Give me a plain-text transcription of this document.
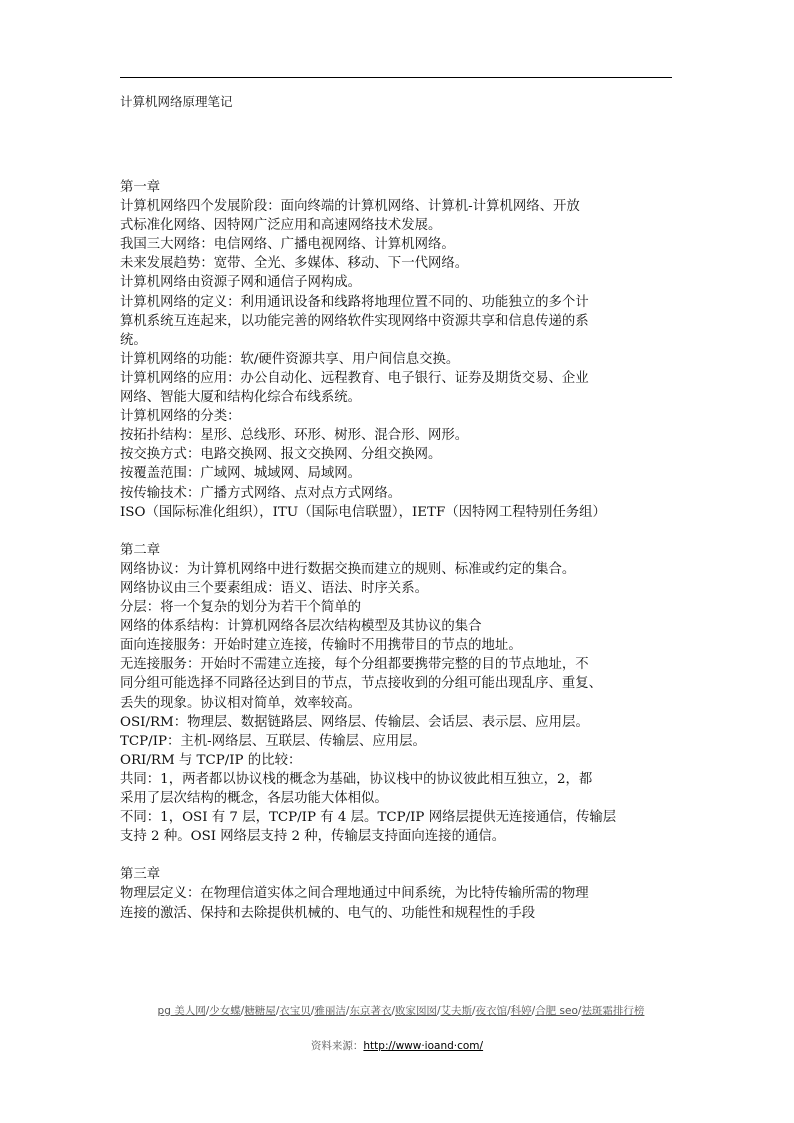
计算机网络原理笔记
第一章
计算机网络四个发展阶段：面向终端的计算机网络、计算机-计算机网络、开放
式标准化网络、因特网广泛应用和高速网络技术发展。
我国三大网络：电信网络、广播电视网络、计算机网络。
未来发展趋势：宽带、全光、多媒体、移动、下一代网络。
计算机网络由资源子网和通信子网构成。
计算机网络的定义：利用通讯设备和线路将地理位置不同的、功能独立的多个计
算机系统互连起来，以功能完善的网络软件实现网络中资源共享和信息传递的系
统。
计算机网络的功能：软/硬件资源共享、用户间信息交换。
计算机网络的应用：办公自动化、远程教育、电子银行、证券及期货交易、企业
网络、智能大厦和结构化综合布线系统。
计算机网络的分类：
按拓扑结构：星形、总线形、环形、树形、混合形、网形。
按交换方式：电路交换网、报文交换网、分组交换网。
按覆盖范围：广域网、城域网、局域网。
按传输技术：广播方式网络、点对点方式网络。
ISO（国际标准化组织），ITU（国际电信联盟），IETF（因特网工程特别任务组）
第二章
网络协议：为计算机网络中进行数据交换而建立的规则、标准或约定的集合。
网络协议由三个要素组成：语义、语法、时序关系。
分层：将一个复杂的划分为若干个简单的
网络的体系结构：计算机网络各层次结构模型及其协议的集合
面向连接服务：开始时建立连接，传输时不用携带目的节点的地址。
无连接服务：开始时不需建立连接，每个分组都要携带完整的目的节点地址，不
同分组可能选择不同路径达到目的节点，节点接收到的分组可能出现乱序、重复、
丢失的现象。协议相对简单，效率较高。
OSI/RM：物理层、数据链路层、网络层、传输层、会话层、表示层、应用层。
TCP/IP：主机-网络层、互联层、传输层、应用层。
ORI/RM 与 TCP/IP 的比较：
共同：1，两者都以协议栈的概念为基础，协议栈中的协议彼此相互独立，2，都
采用了层次结构的概念，各层功能大体相似。
不同：1，OSI 有 7 层，TCP/IP 有 4 层。TCP/IP 网络层提供无连接通信，传输层
支持 2 种。OSI 网络层支持 2 种，传输层支持面向连接的通信。
第三章
物理层定义：在物理信道实体之间合理地通过中间系统，为比特传输所需的物理
连接的激活、保持和去除提供机械的、电气的、功能性和规程性的手段
pg 美人网/少女蝶/糖糖屋/衣宝贝/雅丽洁/东京著衣/败家囡囡/艾夫斯/夜衣馆/科婷/合肥 seo/祛斑霜排行榜
资料来源：http://www·ioand·com/
